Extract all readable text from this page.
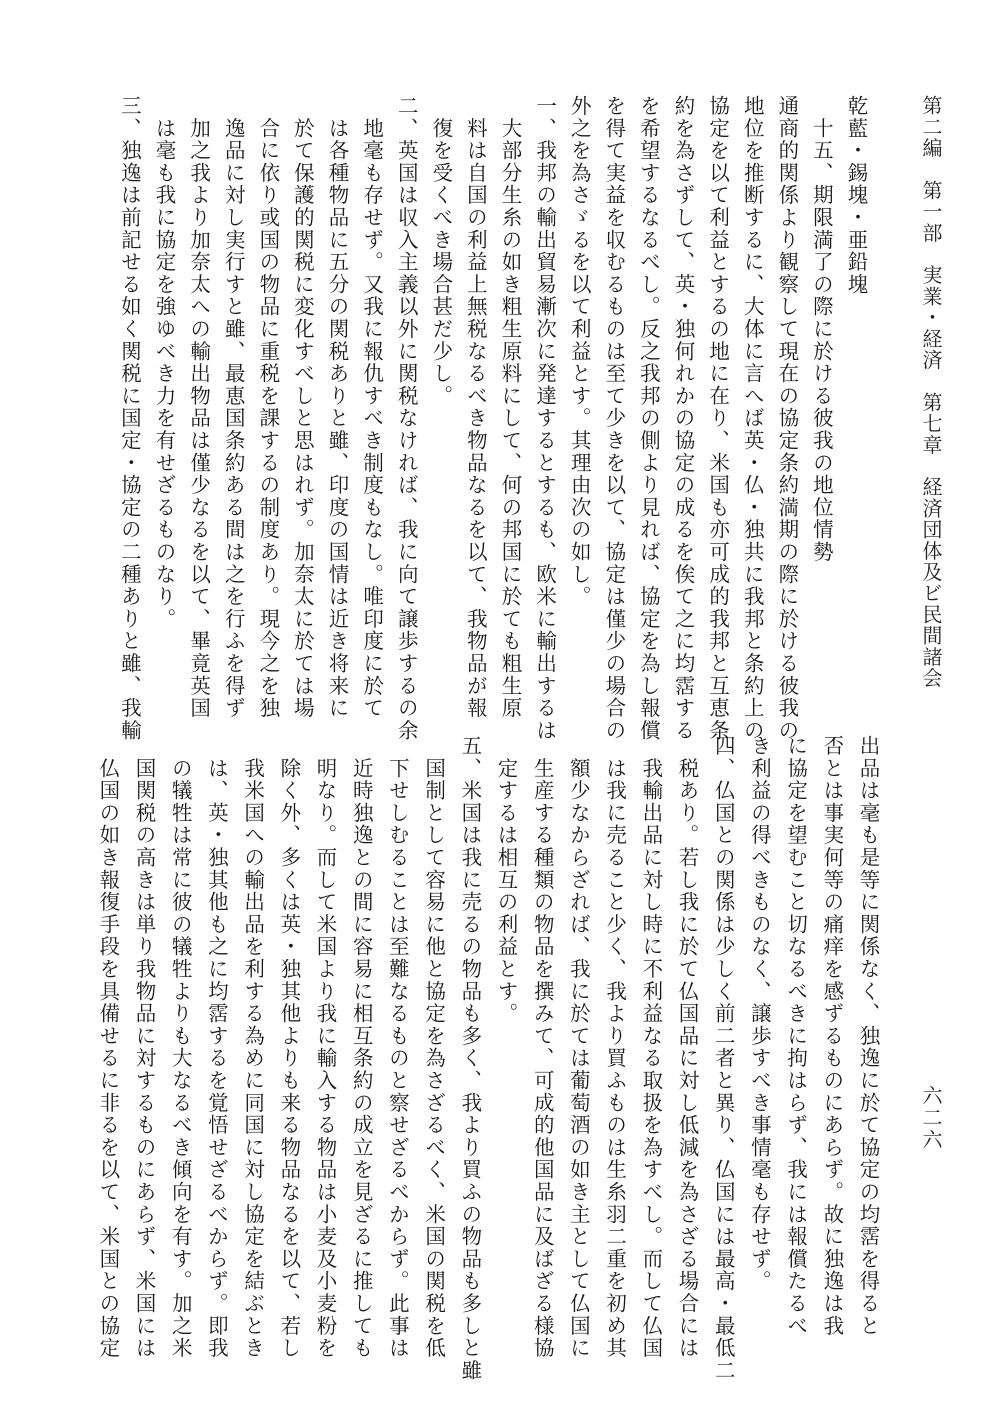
第二編　第一部　実業・経済　第七章　経済団体及ビ民間諸会
六二六
乾藍・錫塊・亜鉛塊
　十五、期限満了の際に於ける彼我の地位情勢
通商的関係より観察して現在の協定条約満期の際に於ける彼我の
地位を推断するに、大体に言へば英・仏・独共に我邦と条約上の
協定を以て利益とするの地に在り、米国も亦可成的我邦と互恵条
約を為さずして、英・独何れかの協定の成るを俟て之に均霑する
を希望するなるべし。反之我邦の側より見れば、協定を為し報償
を得て実益を収むるものは至て少きを以て、協定は僅少の場合の
外之を為さゞるを以て利益とす。其理由次の如し。
一、我邦の輸出貿易漸次に発達するとするも、欧米に輸出するは
　大部分生糸の如き粗生原料にして、何の邦国に於ても粗生原
　料は自国の利益上無税なるべき物品なるを以て、我物品が報
　復を受くべき場合甚だ少し。
二、英国は収入主義以外に関税なければ、我に向て譲歩するの余
　地毫も存せず。又我に報仇すべき制度もなし。唯印度に於て
　は各種物品に五分の関税ありと雖、印度の国情は近き将来に
　於て保護的関税に変化すべしと思はれず。加奈太に於ては場
　合に依り或国の物品に重税を課するの制度あり。現今之を独
　逸品に対し実行すと雖、最恵国条約ある間は之を行ふを得ず
　加之我より加奈太への輸出物品は僅少なるを以て、畢竟英国
　は毫も我に協定を強ゆべき力を有せざるものなり。
三、独逸は前記せる如く関税に国定・協定の二種ありと雖、我輸
出品は毫も是等に関係なく、独逸に於て協定の均霑を得ると
否とは事実何等の痛痒を感ずるものにあらず。故に独逸は我
に協定を望むこと切なるべきに拘はらず、我には報償たるべ
き利益の得べきものなく、譲歩すべき事情毫も存せず。
四、仏国との関係は少しく前二者と異り、仏国には最高・最低二
　税あり。若し我に於て仏国品に対し低減を為さざる場合には
　我輸出品に対し時に不利益なる取扱を為すべし。而して仏国
　は我に売ること少く、我より買ふものは生糸羽二重を初め其
　額少なからざれば、我に於ては葡萄酒の如き主として仏国に
　生産する種類の物品を撰みて、可成的他国品に及ばざる様協
　定するは相互の利益とす。
五、米国は我に売るの物品も多く、我より買ふの物品も多しと雖
　国制として容易に他と協定を為さざるべく、米国の関税を低
　下せしむることは至難なるものと察せざるべからず。此事は
　近時独逸との間に容易に相互条約の成立を見ざるに推しても
　明なり。而して米国より我に輸入する物品は小麦及小麦粉を
　除く外、多くは英・独其他よりも来る物品なるを以て、若し
　我米国への輸出品を利する為めに同国に対し協定を結ぶとき
　は、英・独其他も之に均霑するを覚悟せざるべからず。即我
　の犠牲は常に彼の犠牲よりも大なるべき傾向を有す。加之米
　国関税の高きは単り我物品に対するものにあらず、米国には
　仏国の如き報復手段を具備せるに非るを以て、米国との協定
